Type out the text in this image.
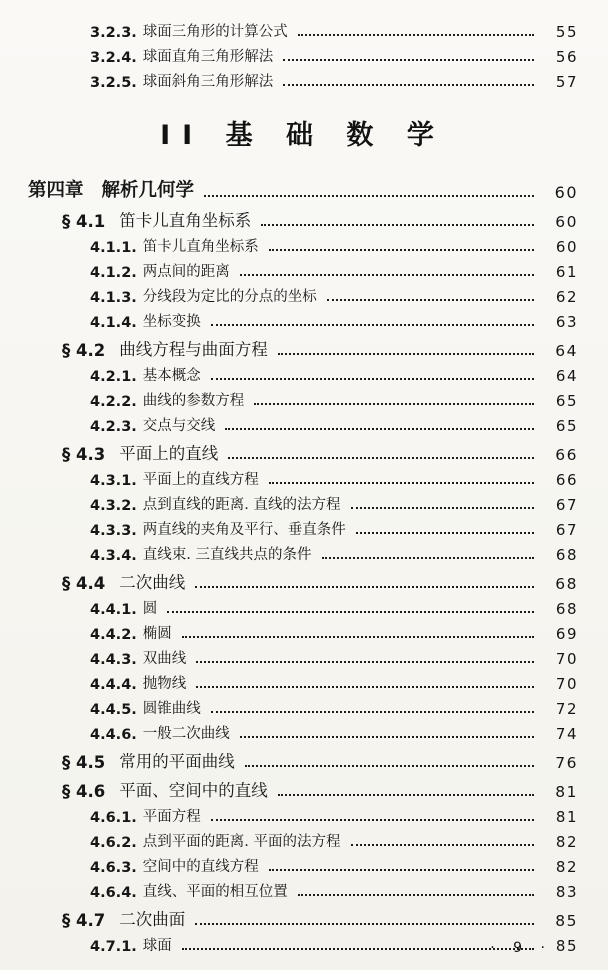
3.2.3. 球面三角形的计算公式	55
3.2.4. 球面直角三角形解法	56
3.2.5. 球面斜角三角形解法	57
II 基 础 数 学
第四章 解析几何学	60
§ 4.1 笛卡儿直角坐标系	60
4.1.1. 笛卡儿直角坐标系	60
4.1.2. 两点间的距离	61
4.1.3. 分线段为定比的分点的坐标	62
4.1.4. 坐标变换	63
§ 4.2 曲线方程与曲面方程	64
4.2.1. 基本概念	64
4.2.2. 曲线的参数方程	65
4.2.3. 交点与交线	65
§ 4.3 平面上的直线	66
4.3.1. 平面上的直线方程	66
4.3.2. 点到直线的距离. 直线的法方程	67
4.3.3. 两直线的夹角及平行、垂直条件	67
4.3.4. 直线束. 三直线共点的条件	68
§ 4.4 二次曲线	68
4.4.1. 圆	68
4.4.2. 椭圆	69
4.4.3. 双曲线	70
4.4.4. 抛物线	70
4.4.5. 圆锥曲线	72
4.4.6. 一般二次曲线	74
§ 4.5 常用的平面曲线	76
§ 4.6 平面、空间中的直线	81
4.6.1. 平面方程	81
4.6.2. 点到平面的距离. 平面的法方程	82
4.6.3. 空间中的直线方程	82
4.6.4. 直线、平面的相互位置	83
§ 4.7 二次曲面	85
4.7.1. 球面	85
· 9 ·
